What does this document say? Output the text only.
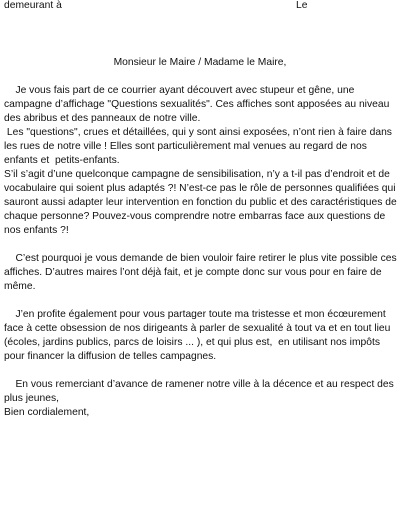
demeurant à	Le
Monsieur le Maire / Madame le Maire,

Je vous fais part de ce courrier ayant découvert avec stupeur et gêne, une
campagne d’affichage "Questions sexualités". Ces affiches sont apposées au niveau
des abribus et des panneaux de notre ville.
Les "questions", crues et détaillées, qui y sont ainsi exposées, n’ont rien à faire dans
les rues de notre ville ! Elles sont particulièrement mal venues au regard de nos
enfants et  petits-enfants.
S’il s’agit d’une quelconque campagne de sensibilisation, n’y a t-il pas d’endroit et de
vocabulaire qui soient plus adaptés ?! N’est-ce pas le rôle de personnes qualifiées qui
sauront aussi adapter leur intervention en fonction du public et des caractéristiques de
chaque personne? Pouvez-vous comprendre notre embarras face aux questions de
nos enfants ?!

C’est pourquoi je vous demande de bien vouloir faire retirer le plus vite possible ces
affiches. D’autres maires l’ont déjà fait, et je compte donc sur vous pour en faire de
même.

J’en profite également pour vous partager toute ma tristesse et mon écœurement
face à cette obsession de nos dirigeants à parler de sexualité à tout va et en tout lieu
(écoles, jardins publics, parcs de loisirs ... ), et qui plus est,  en utilisant nos impôts
pour financer la diffusion de telles campagnes.

En vous remerciant d’avance de ramener notre ville à la décence et au respect des
plus jeunes,
Bien cordialement,
